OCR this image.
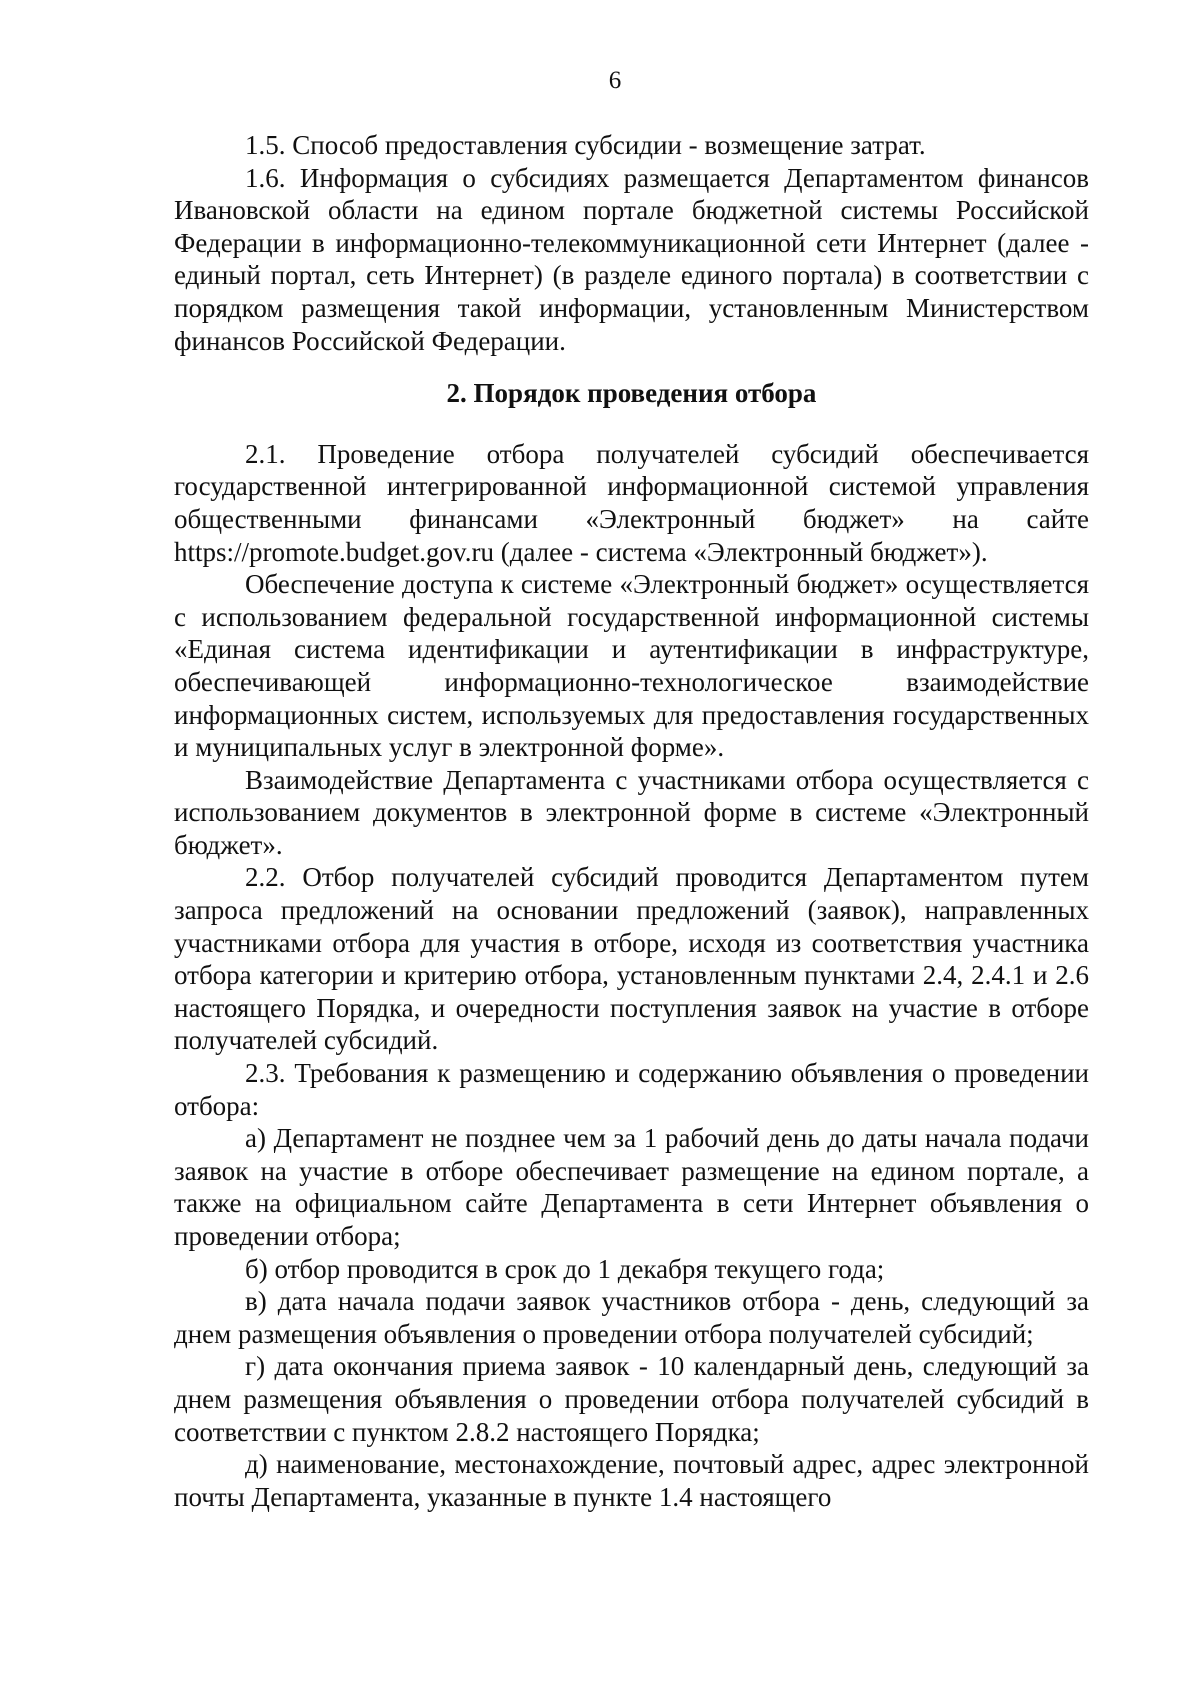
6

1.5. Способ предоставления субсидии - возмещение затрат.

1.6. Информация о субсидиях размещается Департаментом финансов Ивановской области на едином портале бюджетной системы Российской Федерации в информационно-телекоммуникационной сети Интернет (далее - единый портал, сеть Интернет) (в разделе единого портала) в соответствии с порядком размещения такой информации, установленным Министерством финансов Российской Федерации.

2. Порядок проведения отбора

2.1. Проведение отбора получателей субсидий обеспечивается государственной интегрированной информационной системой управления общественными финансами «Электронный бюджет» на сайте https://promote.budget.gov.ru (далее - система «Электронный бюджет»).

Обеспечение доступа к системе «Электронный бюджет» осуществляется с использованием федеральной государственной информационной системы «Единая система идентификации и аутентификации в инфраструктуре, обеспечивающей информационно-технологическое взаимодействие информационных систем, используемых для предоставления государственных и муниципальных услуг в электронной форме».

Взаимодействие Департамента с участниками отбора осуществляется с использованием документов в электронной форме в системе «Электронный бюджет».

2.2. Отбор получателей субсидий проводится Департаментом путем запроса предложений на основании предложений (заявок), направленных участниками отбора для участия в отборе, исходя из соответствия участника отбора категории и критерию отбора, установленным пунктами 2.4, 2.4.1 и 2.6 настоящего Порядка, и очередности поступления заявок на участие в отборе получателей субсидий.

2.3. Требования к размещению и содержанию объявления о проведении отбора:

а) Департамент не позднее чем за 1 рабочий день до даты начала подачи заявок на участие в отборе обеспечивает размещение на едином портале, а также на официальном сайте Департамента в сети Интернет объявления о проведении отбора;

б) отбор проводится в срок до 1 декабря текущего года;

в) дата начала подачи заявок участников отбора - день, следующий за днем размещения объявления о проведении отбора получателей субсидий;

г) дата окончания приема заявок - 10 календарный день, следующий за днем размещения объявления о проведении отбора получателей субсидий в соответствии с пунктом 2.8.2 настоящего Порядка;

д) наименование, местонахождение, почтовый адрес, адрес электронной почты Департамента, указанные в пункте 1.4 настоящего
